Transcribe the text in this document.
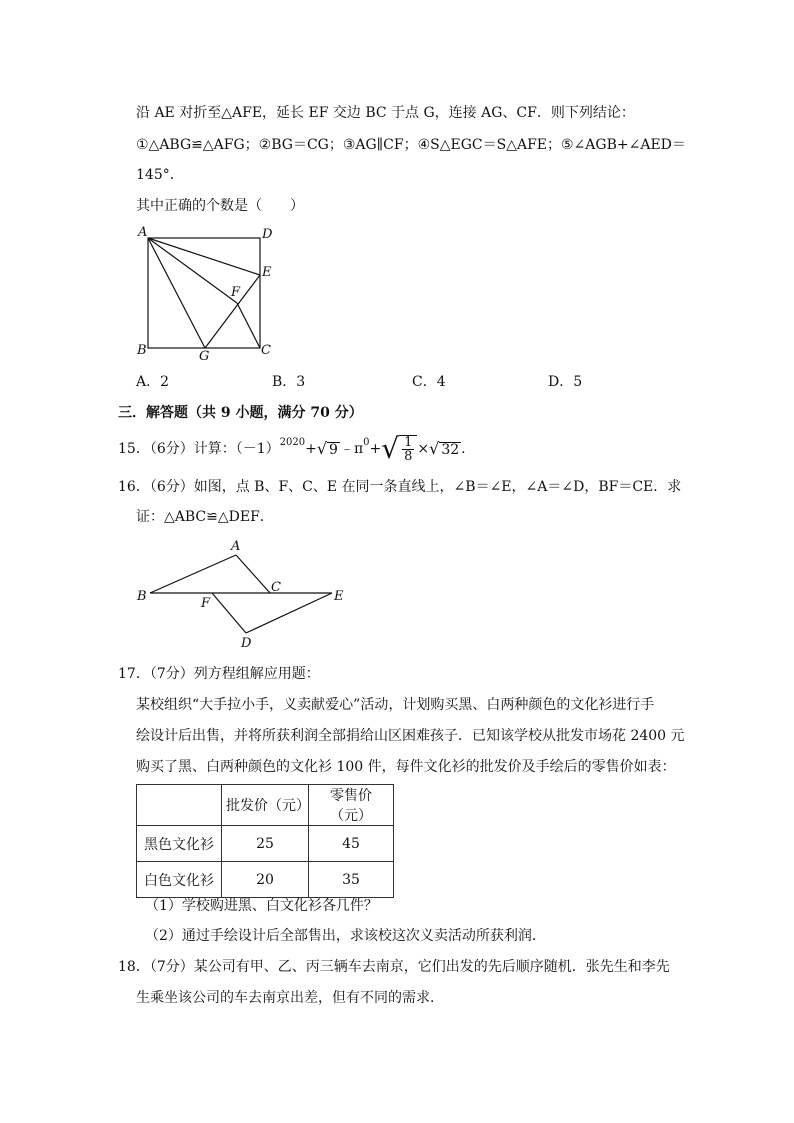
沿 AE 对折至△AFE，延长 EF 交边 BC 于点 G，连接 AG、CF．则下列结论：
①△ABG≌△AFG；②BG＝CG；③AG∥CF；④S△EGC＝S△AFE；⑤∠AGB+∠AED＝
145°．
其中正确的个数是（　　）
A	D
E
F
B	G	C
A
B
C
F	E
D
A．2	B．3	C．4	D．5
三．解答题（共 9 小题，满分 70 分）
15．（6分）计算：$(-1)^{2020}$ + √ 9 $﹣\pi^0$ + √ $\frac{1}{8}$ × √ 32 .
16．（6分）如图，点 B、F、C、E 在同一条直线上，∠B＝∠E，∠A＝∠D，BF＝CE．求
证：△ABC≌△DEF．
17．（7分）列方程组解应用题：
某校组织“大手拉小手，义卖献爱心”活动，计划购买黑、白两种颜色的文化衫进行手
绘设计后出售，并将所获利润全部捐给山区困难孩子．已知该学校从批发市场花 2400 元
购买了黑、白两种颜色的文化衫 100 件，每件文化衫的批发价及手绘后的零售价如表：
	批发价（元）	零售价（元）
黑色文化衫	25	45
白色文化衫	20	35
（1）学校购进黑、白文化衫各几件？
（2）通过手绘设计后全部售出，求该校这次义卖活动所获利润．
18．（7分）某公司有甲、乙、丙三辆车去南京，它们出发的先后顺序随机．张先生和李先
生乘坐该公司的车去南京出差，但有不同的需求．
